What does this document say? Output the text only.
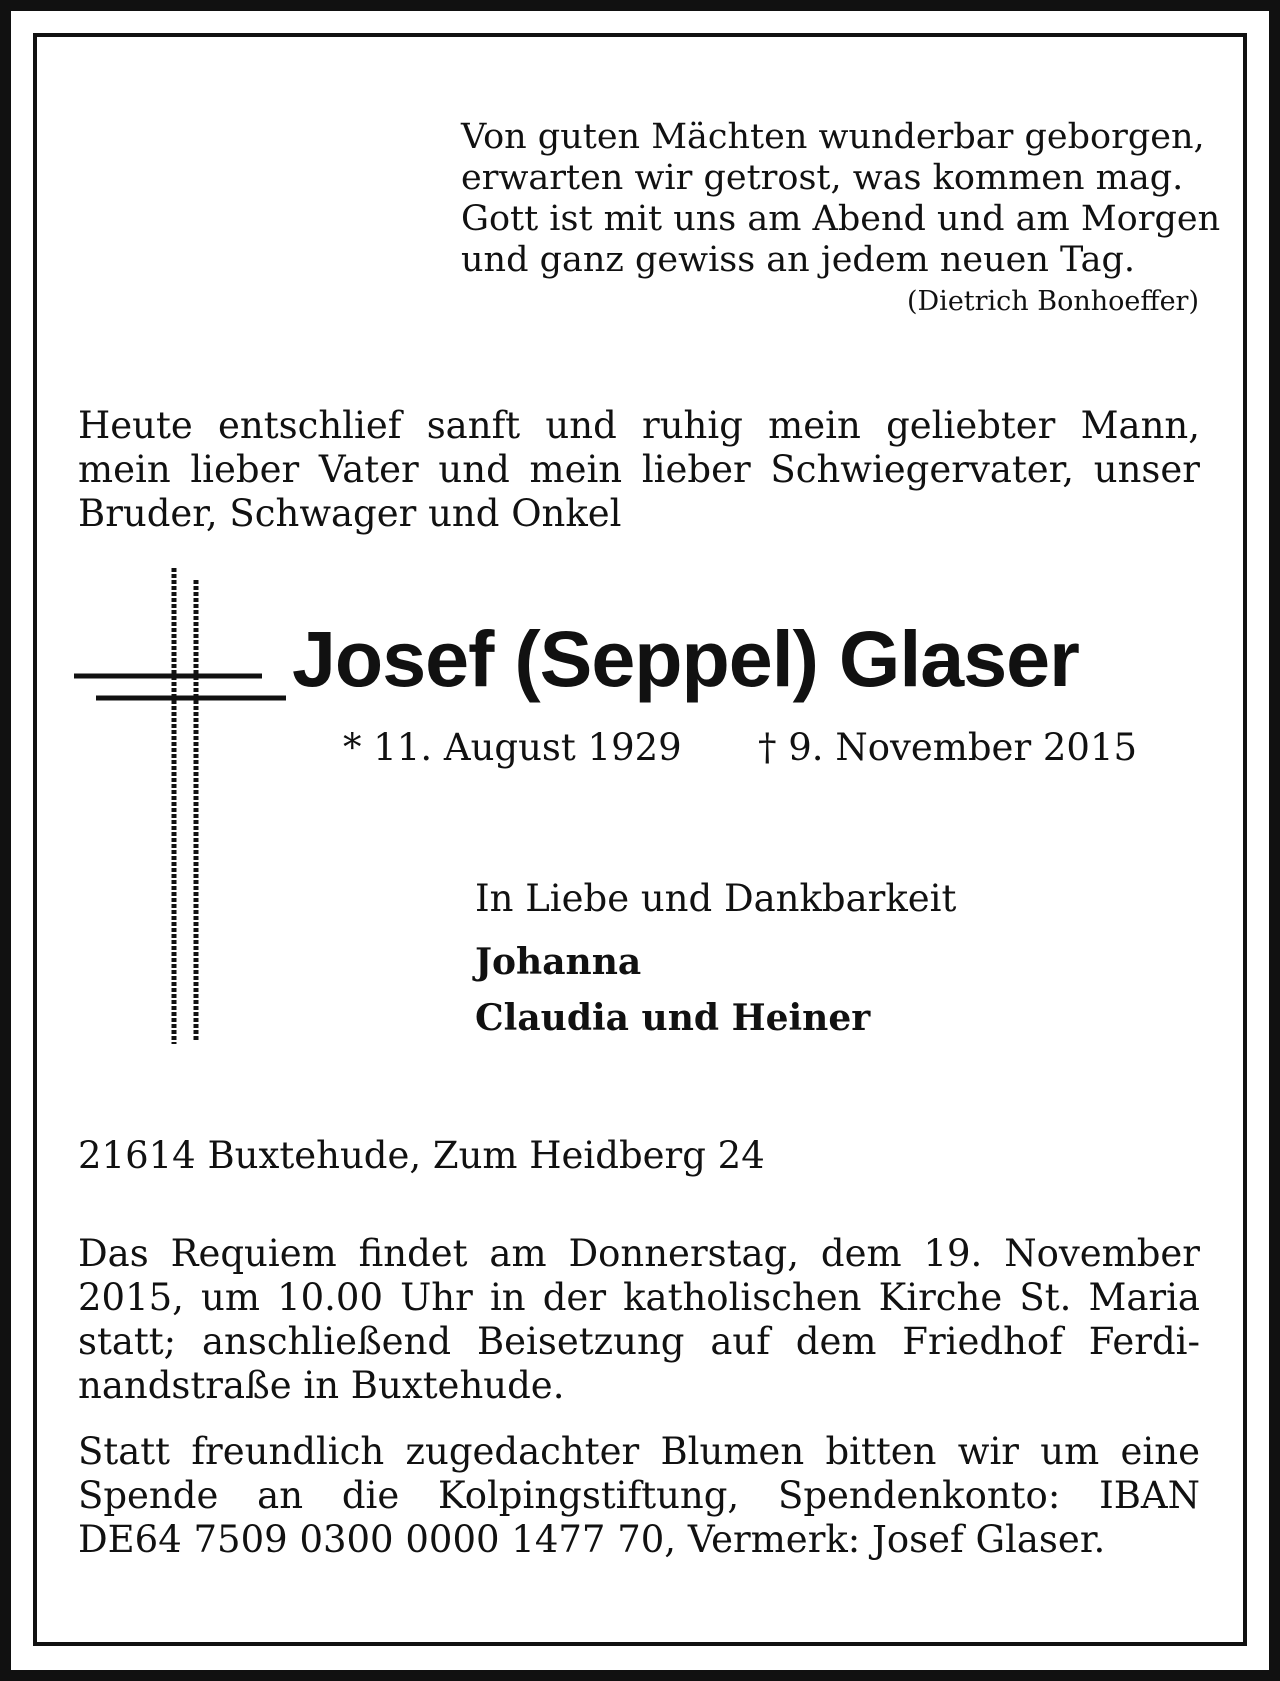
Von guten Mächten wunderbar geborgen,
erwarten wir getrost, was kommen mag.
Gott ist mit uns am Abend und am Morgen
und ganz gewiss an jedem neuen Tag.
(Dietrich Bonhoeffer)
Heute entschlief sanft und ruhig mein geliebter Mann,
mein lieber Vater und mein lieber Schwiegervater, unser
Bruder, Schwager und Onkel
Josef (Seppel) Glaser
* 11. August 1929 † 9. November 2015
In Liebe und Dankbarkeit
Johanna
Claudia und Heiner
21614 Buxtehude, Zum Heidberg 24
Das Requiem findet am Donnerstag, dem 19. November
2015, um 10.00 Uhr in der katholischen Kirche St. Maria
statt; anschließend Beisetzung auf dem Friedhof Ferdi-
nandstraße in Buxtehude.
Statt freundlich zugedachter Blumen bitten wir um eine
Spende an die Kolpingstiftung, Spendenkonto: IBAN
DE64 7509 0300 0000 1477 70, Vermerk: Josef Glaser.
